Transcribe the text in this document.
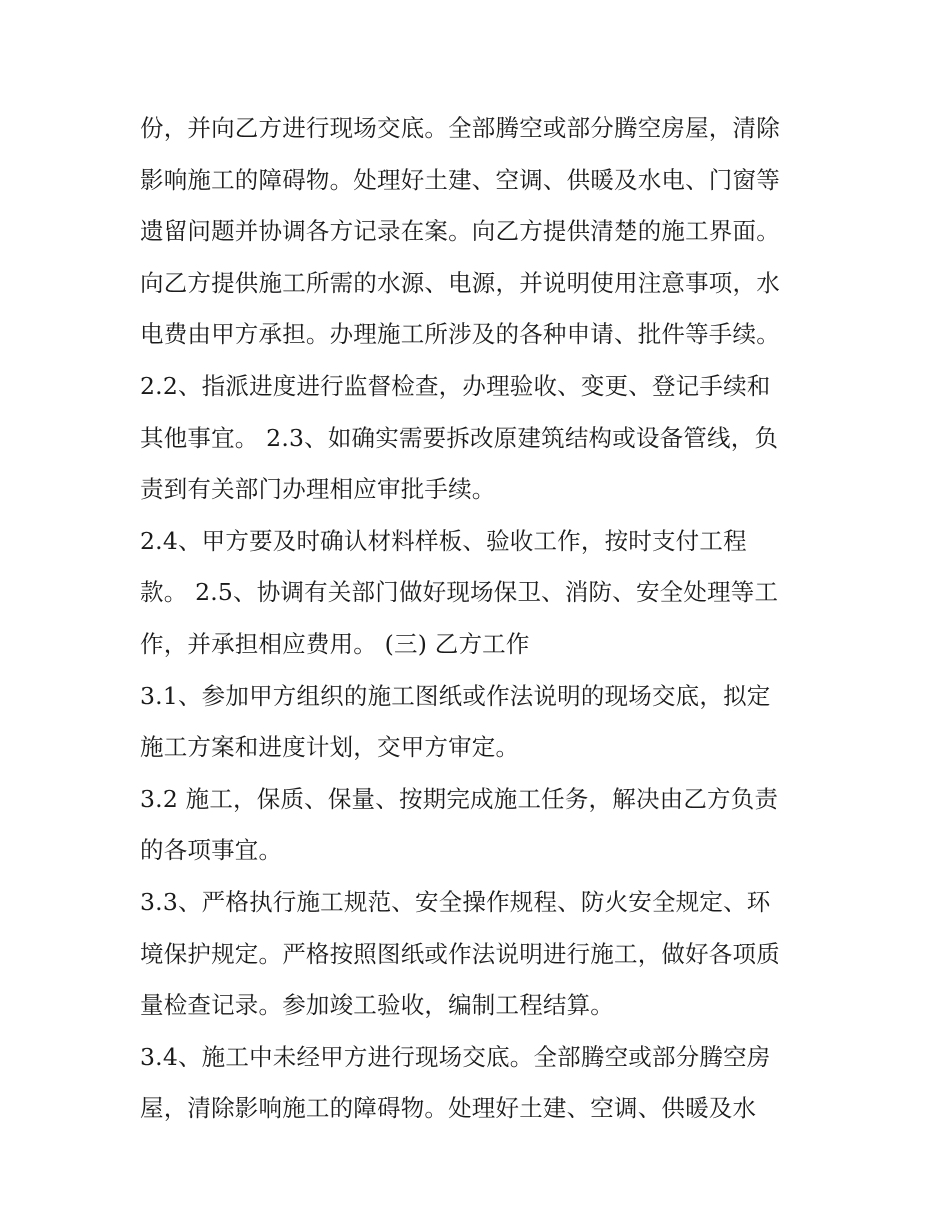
份，并向乙方进行现场交底。全部腾空或部分腾空房屋，清除
影响施工的障碍物。处理好土建、空调、供暖及水电、门窗等
遗留问题并协调各方记录在案。向乙方提供清楚的施工界面。
向乙方提供施工所需的水源、电源，并说明使用注意事项，水
电费由甲方承担。办理施工所涉及的各种申请、批件等手续。
2.2、指派进度进行监督检查，办理验收、变更、登记手续和
其他事宜。 2.3、如确实需要拆改原建筑结构或设备管线，负
责到有关部门办理相应审批手续。
2.4、甲方要及时确认材料样板、验收工作，按时支付工程
款。 2.5、协调有关部门做好现场保卫、消防、安全处理等工
作，并承担相应费用。 (三) 乙方工作
3.1、参加甲方组织的施工图纸或作法说明的现场交底，拟定
施工方案和进度计划，交甲方审定。
3.2 施工，保质、保量、按期完成施工任务，解决由乙方负责
的各项事宜。
3.3、严格执行施工规范、安全操作规程、防火安全规定、环
境保护规定。严格按照图纸或作法说明进行施工，做好各项质
量检查记录。参加竣工验收，编制工程结算。
3.4、施工中未经甲方进行现场交底。全部腾空或部分腾空房
屋，清除影响施工的障碍物。处理好土建、空调、供暖及水
